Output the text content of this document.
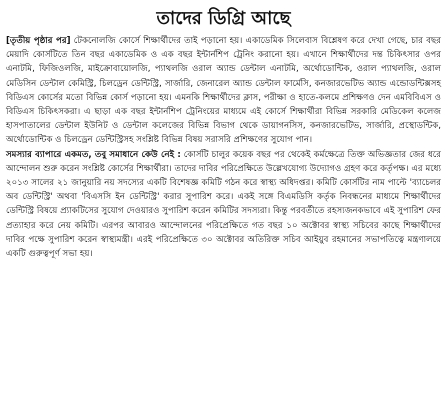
তাদের ডিগ্রি আছে

[তৃতীয় পৃষ্ঠার পর] টেকনোলজি কোর্সে শিক্ষার্থীদের তাই পড়ানো হয়। একাডেমিক সিলেবাস বিশ্লেষণ করে দেখা গেছে, চার বছর মেয়াদি কোর্সটিতে তিন বছর একাডেমিক ও এক বছর ইন্টার্নশিপ ট্রেনিং করানো হয়। এখানে শিক্ষার্থীদের দন্ত চিকিৎসার ওপর এনাটমি, ফিজিওলজি, মাইক্রোবায়োলজি, প্যাথলজি ওরাল অ্যান্ড ডেন্টাল এনাটমি, অর্থোডোন্টিক, ওরাল প্যাথলজি, ওরাল মেডিসিন ডেন্টাল কেমিস্ট্রি, চিলড্রেন ডেন্টিস্ট্রি, সার্জারি, জেনারেল অ্যান্ড ডেন্টাল ফার্মেসি, কনজারভেটিভ অ্যান্ড এন্ডোডন্টিক্সসহ বিডিএস কোর্সের মতো বিভিন্ন কোর্স পড়ানো হয়। এমনকি শিক্ষার্থীদের ক্লাস, পরীক্ষা ও হাতে-কলমে প্রশিক্ষণও দেন এমবিবিএস ও বিডিএস চিকিৎসকরা। এ ছাড়া এক বছর ইন্টার্নশিপ ট্রেনিংয়ের মাধ্যমে এই কোর্সে শিক্ষার্থীরা বিভিন্ন সরকারি মেডিকেল কলেজ হাসপাতালের ডেন্টাল ইউনিট ও ডেন্টাল কলেজের বিভিন্ন বিভাগ থেকে ডায়াগনসিস, কনজারভেটিভ, সার্জারি, প্রস্থোডন্টিক, অর্থোডোন্টিক ও চিলড্রেন ডেন্টিস্ট্রিসহ সংশ্লিষ্ট বিভিন্ন বিষয় সরাসরি প্রশিক্ষণের সুযোগ পান।

সমস্যার ব্যাপারে একমত, তবু সমাধানে কেউ নেই : কোর্সটি চালুর কয়েক বছর পর থেকেই কর্মক্ষেত্রে তিক্ত অভিজ্ঞতার জের ধরে আন্দোলন শুরু করেন সংশ্লিষ্ট কোর্সের শিক্ষার্থীরা। তাদের দাবির পরিপ্রেক্ষিতে উল্লেখযোগ্য উদ্যোগও গ্রহণ করে কর্তৃপক্ষ। এর মধ্যে ২০১৩ সালের ২১ জানুয়ারি নয় সদস্যের একটি বিশেষজ্ঞ কমিটি গঠন করে স্বাস্থ্য অধিদপ্তর। কমিটি কোর্সটির নাম পাল্টে 'ব্যাচেলর অব ডেন্টিস্ট্রি' অথবা 'বিএসসি ইন ডেন্টিস্ট্রি' করার সুপারিশ করে। একই সঙ্গে বিএমডিসি কর্তৃক নিবন্ধনের মাধ্যমে শিক্ষার্থীদের ডেন্টিস্ট্রি বিষয়ে প্র্যাকটিসের সুযোগ দেওয়ারও সুপারিশ করেন কমিটির সদস্যরা। কিন্তু পরবর্তীতে রহস্যজনকভাবে এই সুপারিশ ফের প্রত্যাহার করে নেয় কমিটি। এরপর আবারও আন্দোলনের পরিপ্রেক্ষিতে গত বছর ১০ অক্টোবর স্বাস্থ্য সচিবের কাছে শিক্ষার্থীদের দাবির পক্ষে সুপারিশ করেন স্বাস্থ্যমন্ত্রী। এরই পরিপ্রেক্ষিতে ৩০ অক্টোবর অতিরিক্ত সচিব আইয়ুব রহমানের সভাপতিত্বে মন্ত্রণালয়ে একটি গুরুত্বপূর্ণ সভা হয়।
